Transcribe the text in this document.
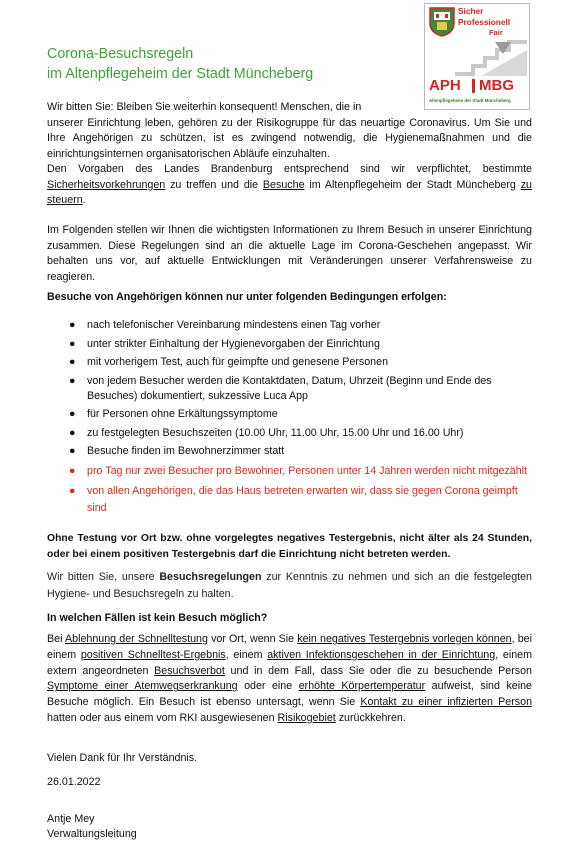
Corona-Besuchsregeln
im Altenpflegeheim der Stadt Müncheberg
Sicher
Professionell
Fair
APH MBG
Altenpflegeheim der Stadt Müncheberg

Wir bitten Sie: Bleiben Sie weiterhin konsequent! Menschen, die in
unserer Einrichtung leben, gehören zu der Risikogruppe für das neuartige Coronavirus. Um Sie und Ihre Angehörigen zu schützen, ist es zwingend notwendig, die Hygienemaßnahmen und die einrichtungsinternen organisatorischen Abläufe einzuhalten.

Den Vorgaben des Landes Brandenburg entsprechend sind wir verpflichtet, bestimmte Sicherheitsvorkehrungen zu treffen und die Besuche im Altenpflegeheim der Stadt Müncheberg zu steuern.

Im Folgenden stellen wir Ihnen die wichtigsten Informationen zu Ihrem Besuch in unserer Einrichtung zusammen. Diese Regelungen sind an die aktuelle Lage im Corona-Geschehen angepasst. Wir behalten uns vor, auf aktuelle Entwicklungen mit Veränderungen unserer Verfahrensweise zu reagieren.

Besuche von Angehörigen können nur unter folgenden Bedingungen erfolgen:
● nach telefonischer Vereinbarung mindestens einen Tag vorher
● unter strikter Einhaltung der Hygienevorgaben der Einrichtung
● mit vorherigem Test, auch für geimpfte und genesene Personen
● von jedem Besucher werden die Kontaktdaten, Datum, Uhrzeit (Beginn und Ende des Besuches) dokumentiert, sukzessive Luca App
● für Personen ohne Erkältungssymptome
● zu festgelegten Besuchszeiten (10.00 Uhr, 11.00 Uhr, 15.00 Uhr und 16.00 Uhr)
● Besuche finden im Bewohnerzimmer statt
● pro Tag nur zwei Besucher pro Bewohner, Personen unter 14 Jahren werden nicht mitgezählt
● von allen Angehörigen, die das Haus betreten erwarten wir, dass sie gegen Corona geimpft sind
Ohne Testung vor Ort bzw. ohne vorgelegtes negatives Testergebnis, nicht älter als 24 Stunden, oder bei einem positiven Testergebnis darf die Einrichtung nicht betreten werden.

Wir bitten Sie, unsere Besuchsregelungen zur Kenntnis zu nehmen und sich an die festgelegten Hygiene- und Besuchsregeln zu halten.

In welchen Fällen ist kein Besuch möglich?

Bei Ablehnung der Schnelltestung vor Ort, wenn Sie kein negatives Testergebnis vorlegen können, bei einem positiven Schnelltest-Ergebnis, einem aktiven Infektionsgeschehen in der Einrichtung, einem extern angeordneten Besuchsverbot und in dem Fall, dass Sie oder die zu besuchende Person Symptome einer Atemwegserkrankung oder eine erhöhte Körpertemperatur aufweist, sind keine Besuche möglich. Ein Besuch ist ebenso untersagt, wenn Sie Kontakt zu einer infizierten Person hatten oder aus einem vom RKI ausgewiesenen Risikogebiet zurückkehren.

Vielen Dank für Ihr Verständnis.
26.01.2022
Antje Mey
Verwaltungsleitung
